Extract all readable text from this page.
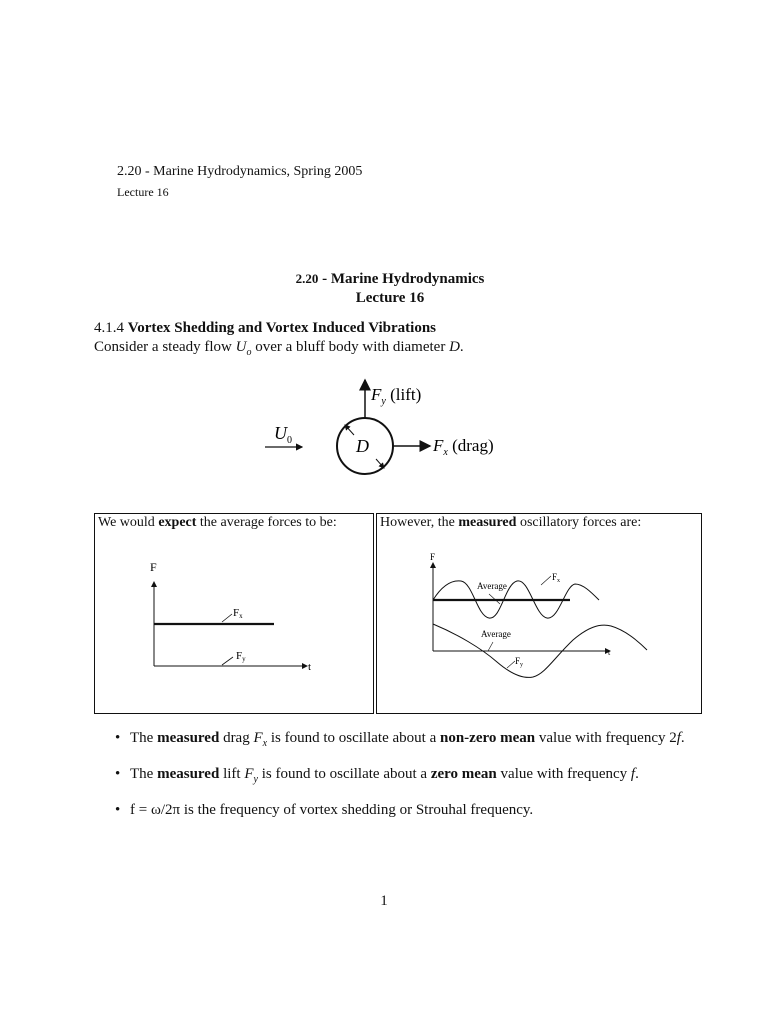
2.20 - Marine Hydrodynamics, Spring 2005
Lecture 16
2.20 - Marine Hydrodynamics
Lecture 16
4.1.4 Vortex Shedding and Vortex Induced Vibrations
Consider a steady flow $U_o$ over a bluff body with diameter D.
$U_0$	D
$F_y$ (lift)
$F_x$ (drag)
We would expect the average forces to be:
F
t
Fx
Fy
However, the measured oscillatory forces are:
F
t
Average
$F_x$
Average
$F_y$
• The measured drag $F_x$ is found to oscillate about a non-zero mean value with frequency 2f.
• The measured lift $F_y$ is found to oscillate about a zero mean value with frequency f.
• f = ω/2π is the frequency of vortex shedding or Strouhal frequency.
1
